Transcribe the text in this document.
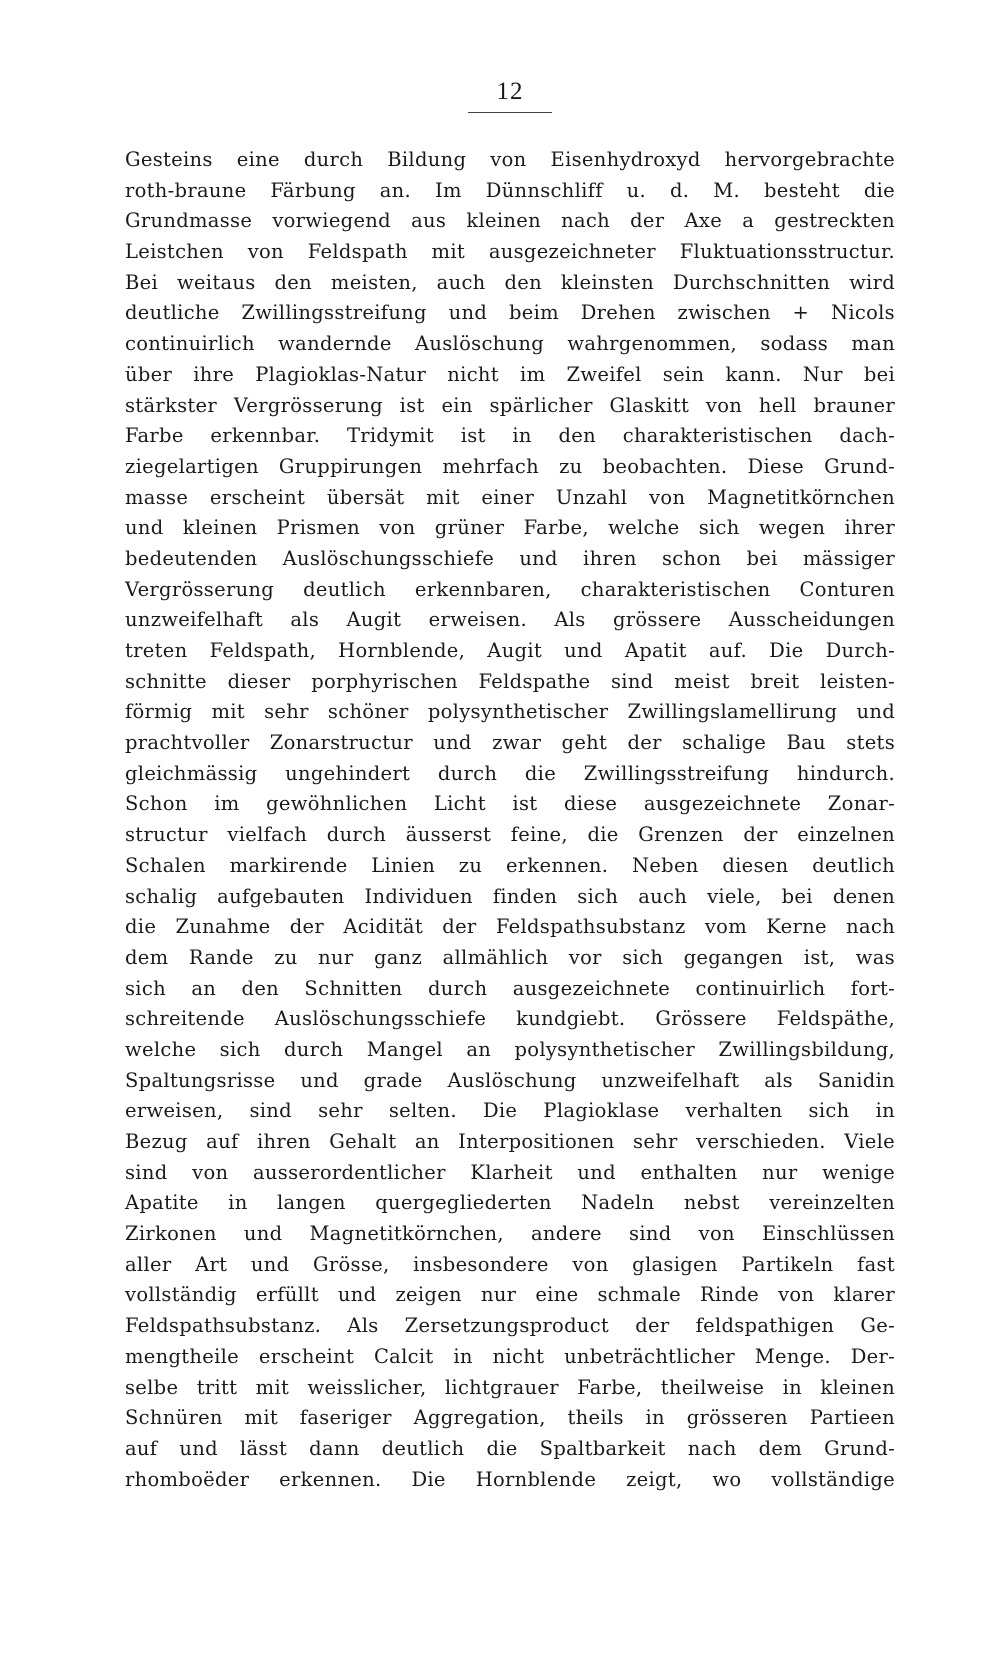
12
Gesteins eine durch Bildung von Eisenhydroxyd hervorgebrachte
roth-braune Färbung an. Im Dünnschliff u. d. M. besteht die
Grundmasse vorwiegend aus kleinen nach der Axe a gestreckten
Leistchen von Feldspath mit ausgezeichneter Fluktuationsstructur.
Bei weitaus den meisten, auch den kleinsten Durchschnitten wird
deutliche Zwillingsstreifung und beim Drehen zwischen + Nicols
continuirlich wandernde Auslöschung wahrgenommen, sodass man
über ihre Plagioklas-Natur nicht im Zweifel sein kann. Nur bei
stärkster Vergrösserung ist ein spärlicher Glaskitt von hell brauner
Farbe erkennbar. Tridymit ist in den charakteristischen dach-
ziegelartigen Gruppirungen mehrfach zu beobachten. Diese Grund-
masse erscheint übersät mit einer Unzahl von Magnetitkörnchen
und kleinen Prismen von grüner Farbe, welche sich wegen ihrer
bedeutenden Auslöschungsschiefe und ihren schon bei mässiger
Vergrösserung deutlich erkennbaren, charakteristischen Conturen
unzweifelhaft als Augit erweisen. Als grössere Ausscheidungen
treten Feldspath, Hornblende, Augit und Apatit auf. Die Durch-
schnitte dieser porphyrischen Feldspathe sind meist breit leisten-
förmig mit sehr schöner polysynthetischer Zwillingslamellirung und
prachtvoller Zonarstructur und zwar geht der schalige Bau stets
gleichmässig ungehindert durch die Zwillingsstreifung hindurch.
Schon im gewöhnlichen Licht ist diese ausgezeichnete Zonar-
structur vielfach durch äusserst feine, die Grenzen der einzelnen
Schalen markirende Linien zu erkennen. Neben diesen deutlich
schalig aufgebauten Individuen finden sich auch viele, bei denen
die Zunahme der Acidität der Feldspathsubstanz vom Kerne nach
dem Rande zu nur ganz allmählich vor sich gegangen ist, was
sich an den Schnitten durch ausgezeichnete continuirlich fort-
schreitende Auslöschungsschiefe kundgiebt. Grössere Feldspäthe,
welche sich durch Mangel an polysynthetischer Zwillingsbildung,
Spaltungsrisse und grade Auslöschung unzweifelhaft als Sanidin
erweisen, sind sehr selten. Die Plagioklase verhalten sich in
Bezug auf ihren Gehalt an Interpositionen sehr verschieden. Viele
sind von ausserordentlicher Klarheit und enthalten nur wenige
Apatite in langen quergegliederten Nadeln nebst vereinzelten
Zirkonen und Magnetitkörnchen, andere sind von Einschlüssen
aller Art und Grösse, insbesondere von glasigen Partikeln fast
vollständig erfüllt und zeigen nur eine schmale Rinde von klarer
Feldspathsubstanz. Als Zersetzungsproduct der feldspathigen Ge-
mengtheile erscheint Calcit in nicht unbeträchtlicher Menge. Der-
selbe tritt mit weisslicher, lichtgrauer Farbe, theilweise in kleinen
Schnüren mit faseriger Aggregation, theils in grösseren Partieen
auf und lässt dann deutlich die Spaltbarkeit nach dem Grund-
rhomboëder erkennen. Die Hornblende zeigt, wo vollständige
